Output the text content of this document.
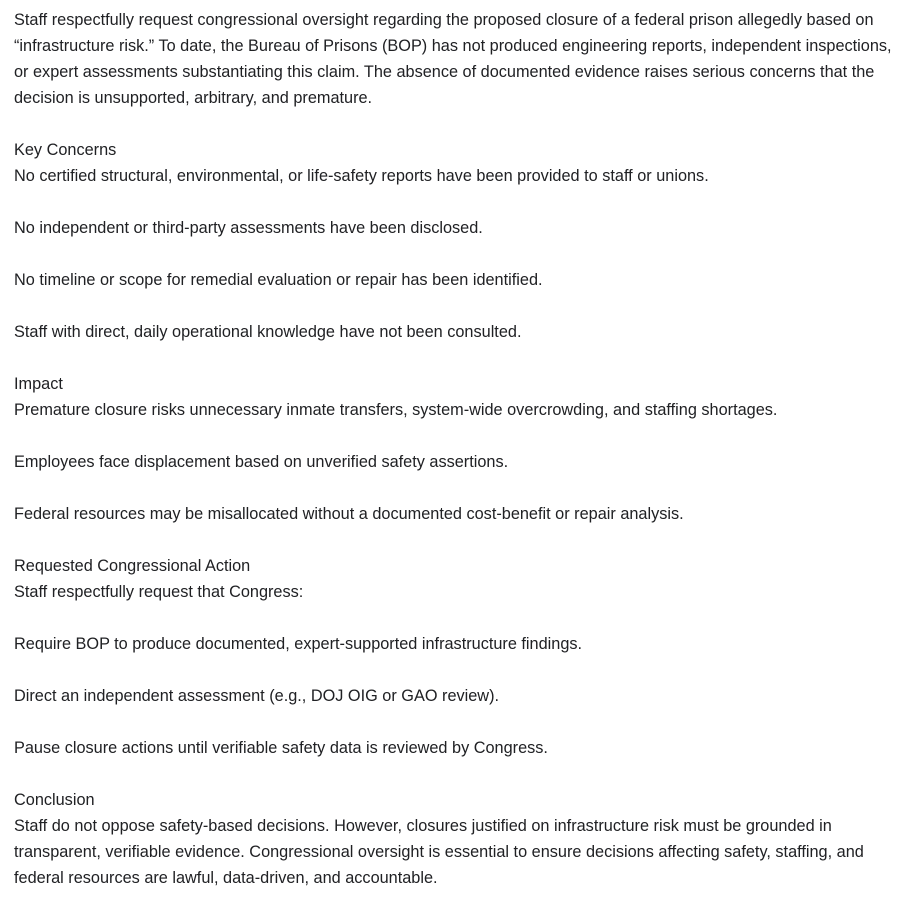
Staff respectfully request congressional oversight regarding the proposed closure of a federal prison allegedly based on “infrastructure risk.” To date, the Bureau of Prisons (BOP) has not produced engineering reports, independent inspections, or expert assessments substantiating this claim. The absence of documented evidence raises serious concerns that the decision is unsupported, arbitrary, and premature.

Key Concerns

No certified structural, environmental, or life-safety reports have been provided to staff or unions.

No independent or third-party assessments have been disclosed.

No timeline or scope for remedial evaluation or repair has been identified.

Staff with direct, daily operational knowledge have not been consulted.

Impact

Premature closure risks unnecessary inmate transfers, system-wide overcrowding, and staffing shortages.

Employees face displacement based on unverified safety assertions.

Federal resources may be misallocated without a documented cost-benefit or repair analysis.

Requested Congressional Action

Staff respectfully request that Congress:

Require BOP to produce documented, expert-supported infrastructure findings.

Direct an independent assessment (e.g., DOJ OIG or GAO review).

Pause closure actions until verifiable safety data is reviewed by Congress.

Conclusion

Staff do not oppose safety-based decisions. However, closures justified on infrastructure risk must be grounded in transparent, verifiable evidence. Congressional oversight is essential to ensure decisions affecting safety, staffing, and federal resources are lawful, data-driven, and accountable.
